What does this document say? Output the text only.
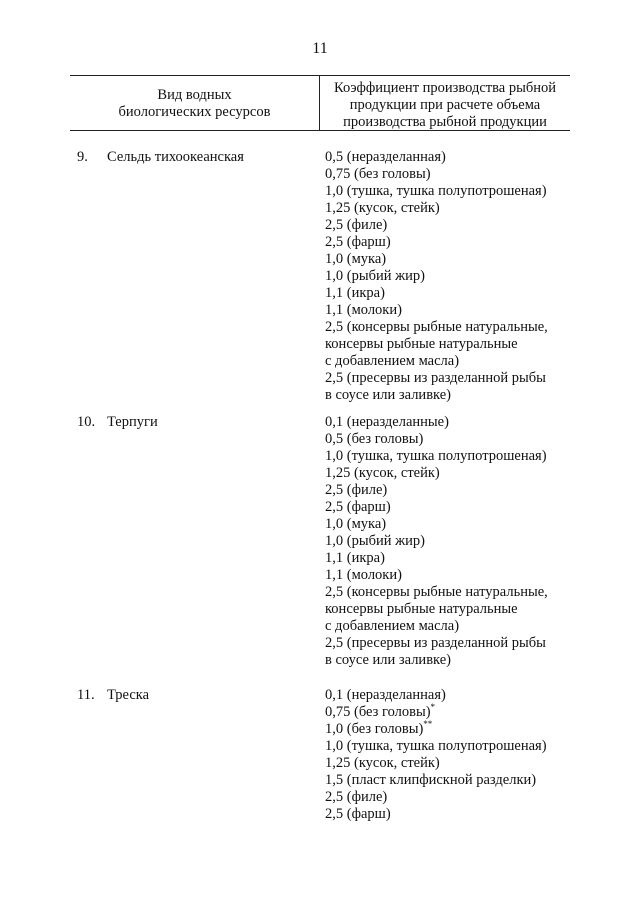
11
Вид водных
биологических ресурсов
Коэффициент производства рыбной
продукции при расчете объема
производства рыбной продукции
9. Сельдь тихоокеанская	0,5 (неразделанная)
0,75 (без головы)
1,0 (тушка, тушка полупотрошеная)
1,25 (кусок, стейк)
2,5 (филе)
2,5 (фарш)
1,0 (мука)
1,0 (рыбий жир)
1,1 (икра)
1,1 (молоки)
2,5 (консервы рыбные натуральные,
консервы рыбные натуральные
с добавлением масла)
2,5 (пресервы из разделанной рыбы
в соусе или заливке)
10. Терпуги	0,1 (неразделанные)
0,5 (без головы)
1,0 (тушка, тушка полупотрошеная)
1,25 (кусок, стейк)
2,5 (филе)
2,5 (фарш)
1,0 (мука)
1,0 (рыбий жир)
1,1 (икра)
1,1 (молоки)
2,5 (консервы рыбные натуральные,
консервы рыбные натуральные
с добавлением масла)
2,5 (пресервы из разделанной рыбы
в соусе или заливке)
11. Треска	0,1 (неразделанная)
0,75 (без головы)*
1,0 (без головы)**
1,0 (тушка, тушка полупотрошеная)
1,25 (кусок, стейк)
1,5 (пласт клипфискной разделки)
2,5 (филе)
2,5 (фарш)
